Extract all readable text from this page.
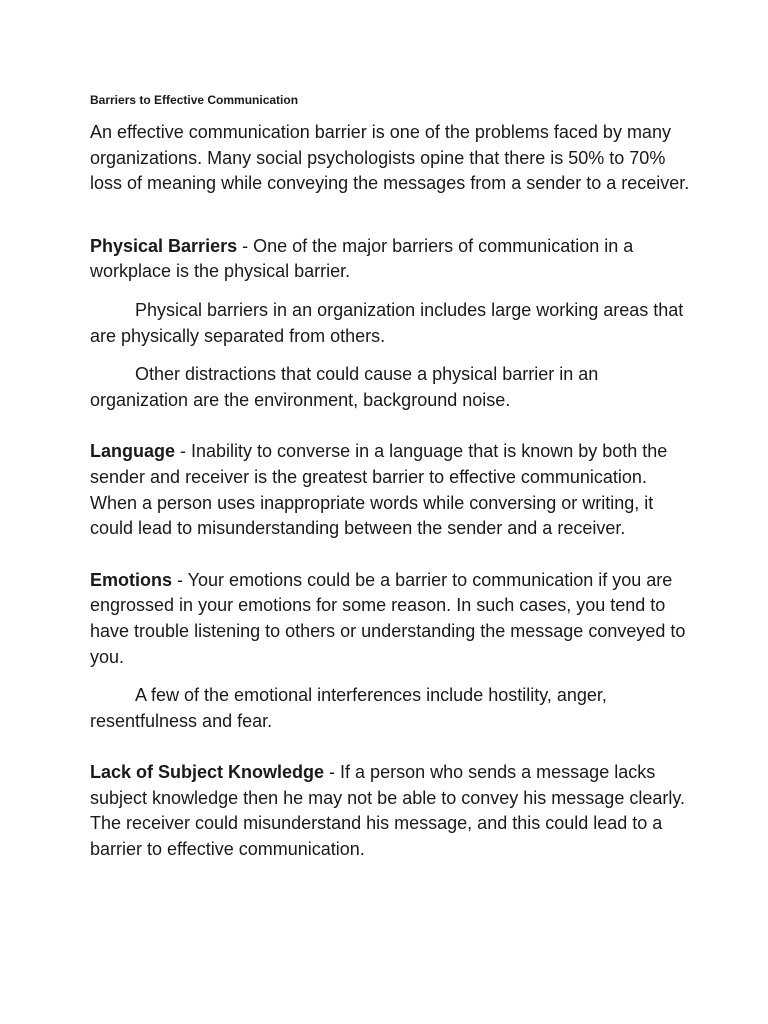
Barriers to Effective Communication

An effective communication barrier is one of the problems faced by many organizations. Many social psychologists opine that there is 50% to 70% loss of meaning while conveying the messages from a sender to a receiver.

Physical Barriers - One of the major barriers of communication in a workplace is the physical barrier.

Physical barriers in an organization includes large working areas that are physically separated from others.

Other distractions that could cause a physical barrier in an organization are the environment, background noise.

Language - Inability to converse in a language that is known by both the sender and receiver is the greatest barrier to effective communication. When a person uses inappropriate words while conversing or writing, it could lead to misunderstanding between the sender and a receiver.

Emotions - Your emotions could be a barrier to communication if you are engrossed in your emotions for some reason. In such cases, you tend to have trouble listening to others or understanding the message conveyed to you.

A few of the emotional interferences include hostility, anger, resentfulness and fear.

Lack of Subject Knowledge - If a person who sends a message lacks subject knowledge then he may not be able to convey his message clearly. The receiver could misunderstand his message, and this could lead to a barrier to effective communication.
